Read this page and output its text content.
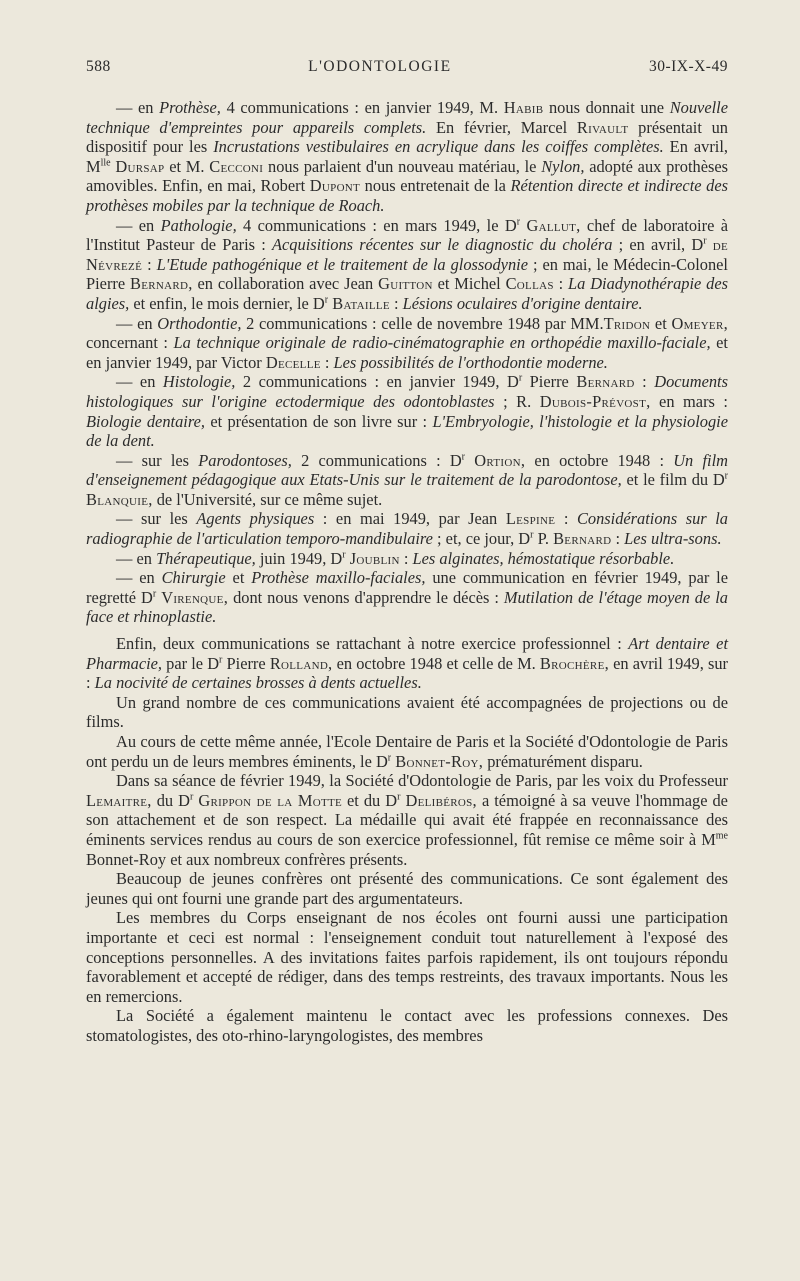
588	L'ODONTOLOGIE	30-IX-X-49

— en Prothèse, 4 communications : en janvier 1949, M. Habib nous donnait une Nouvelle technique d'empreintes pour appareils complets. En février, Marcel Rivault présentait un dispositif pour les Incrustations vestibulaires en acrylique dans les coiffes complètes. En avril, $M^{lle}$ Dursap et M. Cecconi nous parlaient d'un nouveau matériau, le Nylon, adopté aux prothèses amovibles. Enfin, en mai, Robert Dupont nous entretenait de la Rétention directe et indirecte des prothèses mobiles par la technique de Roach.

— en Pathologie, 4 communications : en mars 1949, le $D^r$ Gallut, chef de laboratoire à l'Institut Pasteur de Paris : Acquisitions récentes sur le diagnostic du choléra ; en avril, $D^r$ de Névrezé : L'Etude pathogénique et le traitement de la glossodynie ; en mai, le Médecin-Colonel Pierre Bernard, en collaboration avec Jean Guitton et Michel Collas : La Diadynothérapie des algies, et enfin, le mois dernier, le $D^r$ Bataille : Lésions oculaires d'origine dentaire.

— en Orthodontie, 2 communications : celle de novembre 1948 par MM.Tridon et Omeyer, concernant : La technique originale de radio-cinématographie en orthopédie maxillo-faciale, et en janvier 1949, par Victor Decelle : Les possibilités de l'orthodontie moderne.

— en Histologie, 2 communications : en janvier 1949, $D^r$ Pierre Bernard : Documents histologiques sur l'origine ectodermique des odontoblastes ; R. Dubois-Prévost, en mars : Biologie dentaire, et présentation de son livre sur : L'Embryologie, l'histologie et la physiologie de la dent.

— sur les Parodontoses, 2 communications : $D^r$ Ortion, en octobre 1948 : Un film d'enseignement pédagogique aux Etats-Unis sur le traitement de la parodontose, et le film du $D^r$ Blanquie, de l'Université, sur ce même sujet.

— sur les Agents physiques : en mai 1949, par Jean Lespine : Considérations sur la radiographie de l'articulation temporo-mandibulaire ; et, ce jour, $D^r$ P. Bernard : Les ultra-sons.

— en Thérapeutique, juin 1949, $D^r$ Joublin : Les alginates, hémostatique résorbable.

— en Chirurgie et Prothèse maxillo-faciales, une communication en février 1949, par le regretté $D^r$ Virenque, dont nous venons d'apprendre le décès : Mutilation de l'étage moyen de la face et rhinoplastie.

Enfin, deux communications se rattachant à notre exercice professionnel : Art dentaire et Pharmacie, par le $D^r$ Pierre Rolland, en octobre 1948 et celle de M. Brochère, en avril 1949, sur : La nocivité de certaines brosses à dents actuelles.

Un grand nombre de ces communications avaient été accompagnées de projections ou de films.

Au cours de cette même année, l'Ecole Dentaire de Paris et la Société d'Odontologie de Paris ont perdu un de leurs membres éminents, le $D^r$ Bonnet-Roy, prématurément disparu.

Dans sa séance de février 1949, la Société d'Odontologie de Paris, par les voix du Professeur Lemaitre, du $D^r$ Grippon de la Motte et du $D^r$ Delibéros, a témoigné à sa veuve l'hommage de son attachement et de son respect. La médaille qui avait été frappée en reconnaissance des éminents services rendus au cours de son exercice professionnel, fût remise ce même soir à $M^{me}$ Bonnet-Roy et aux nombreux confrères présents.

Beaucoup de jeunes confrères ont présenté des communications. Ce sont également des jeunes qui ont fourni une grande part des argumentateurs.

Les membres du Corps enseignant de nos écoles ont fourni aussi une participation importante et ceci est normal : l'enseignement conduit tout naturellement à l'exposé des conceptions personnelles. A des invitations faites parfois rapidement, ils ont toujours répondu favorablement et accepté de rédiger, dans des temps restreints, des travaux importants. Nous les en remercions.

La Société a également maintenu le contact avec les professions connexes. Des stomatologistes, des oto-rhino-laryngologistes, des membres
